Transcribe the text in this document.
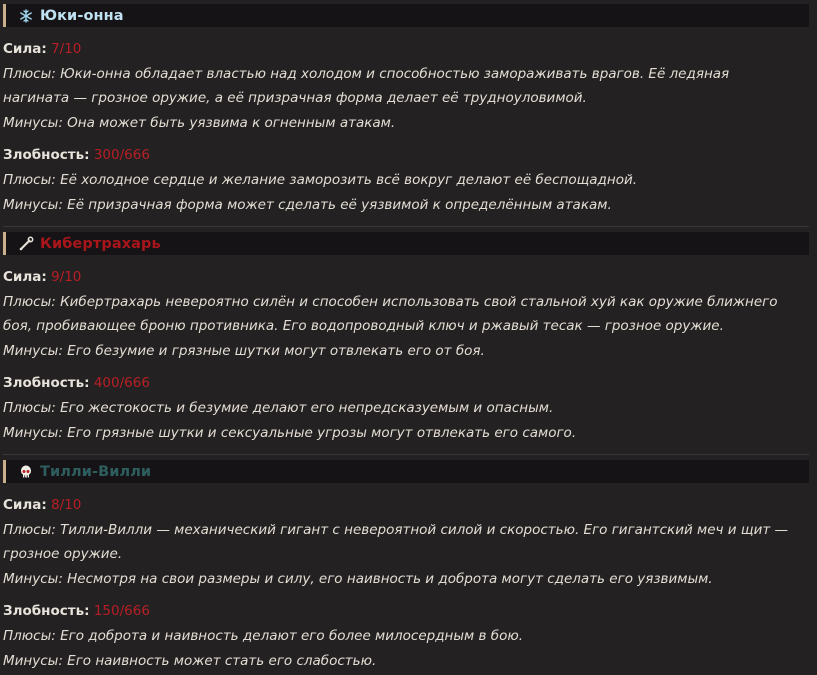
Юки-онна
Сила: 7/10
Плюсы: Юки-онна обладает властью над холодом и способностью замораживать врагов. Её ледяная
нагината — грозное оружие, а её призрачная форма делает её трудноуловимой.
Минусы: Она может быть уязвима к огненным атакам.
Злобность: 300/666
Плюсы: Её холодное сердце и желание заморозить всё вокруг делают её беспощадной.
Минусы: Её призрачная форма может сделать её уязвимой к определённым атакам.
Кибертрахарь
Сила: 9/10
Плюсы: Кибертрахарь невероятно силён и способен использовать свой стальной хуй как оружие ближнего
боя, пробивающее броню противника. Его водопроводный ключ и ржавый тесак — грозное оружие.
Минусы: Его безумие и грязные шутки могут отвлекать его от боя.
Злобность: 400/666
Плюсы: Его жестокость и безумие делают его непредсказуемым и опасным.
Минусы: Его грязные шутки и сексуальные угрозы могут отвлекать его самого.
Тилли-Вилли
Сила: 8/10
Плюсы: Тилли-Вилли — механический гигант с невероятной силой и скоростью. Его гигантский меч и щит —
грозное оружие.
Минусы: Несмотря на свои размеры и силу, его наивность и доброта могут сделать его уязвимым.
Злобность: 150/666
Плюсы: Его доброта и наивность делают его более милосердным в бою.
Минусы: Его наивность может стать его слабостью.
